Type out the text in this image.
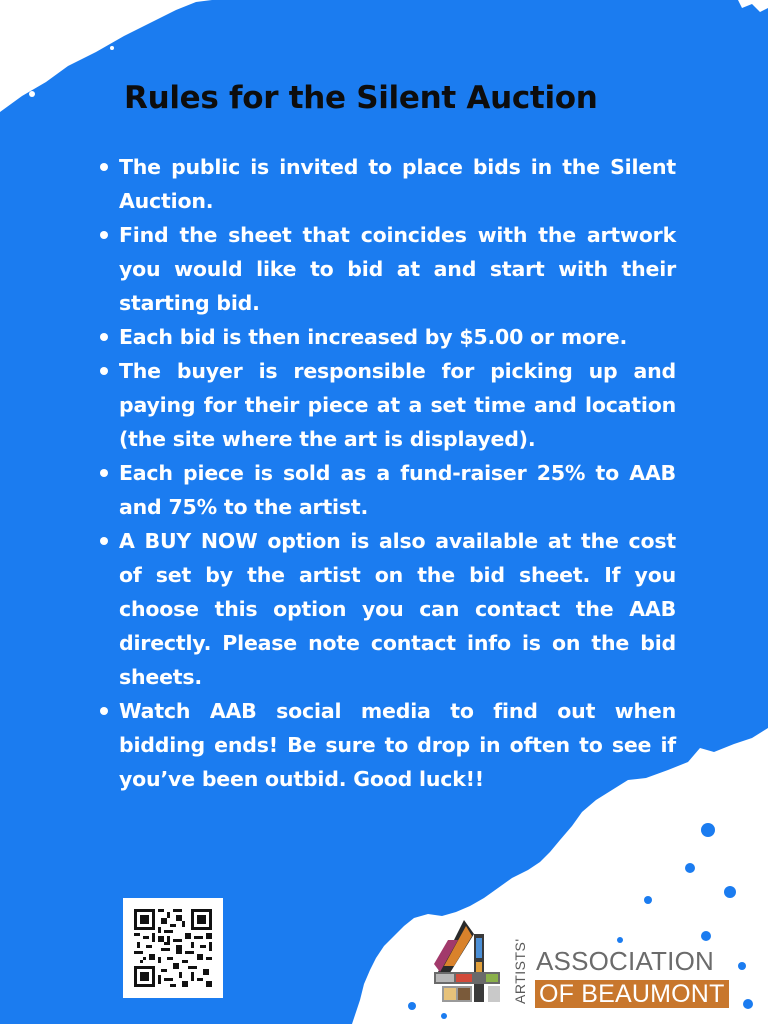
Rules for the Silent Auction
The public is invited to place bids in the Silent Auction.
Find the sheet that coincides with the artwork you would like to bid at and start with their starting bid.
Each bid is then increased by $5.00 or more.
The buyer is responsible for picking up and paying for their piece at a set time and location (the site where the art is displayed).
Each piece is sold as a fund-raiser 25% to AAB and 75% to the artist.
A BUY NOW option is also available at the cost of set by the artist on the bid sheet. If you choose this option you can contact the AAB directly. Please note contact info is on the bid sheets.
Watch AAB social media to find out when bidding ends! Be sure to drop in often to see if you’ve been outbid. Good luck!!
ARTISTS' ASSOCIATION
OF BEAUMONT
